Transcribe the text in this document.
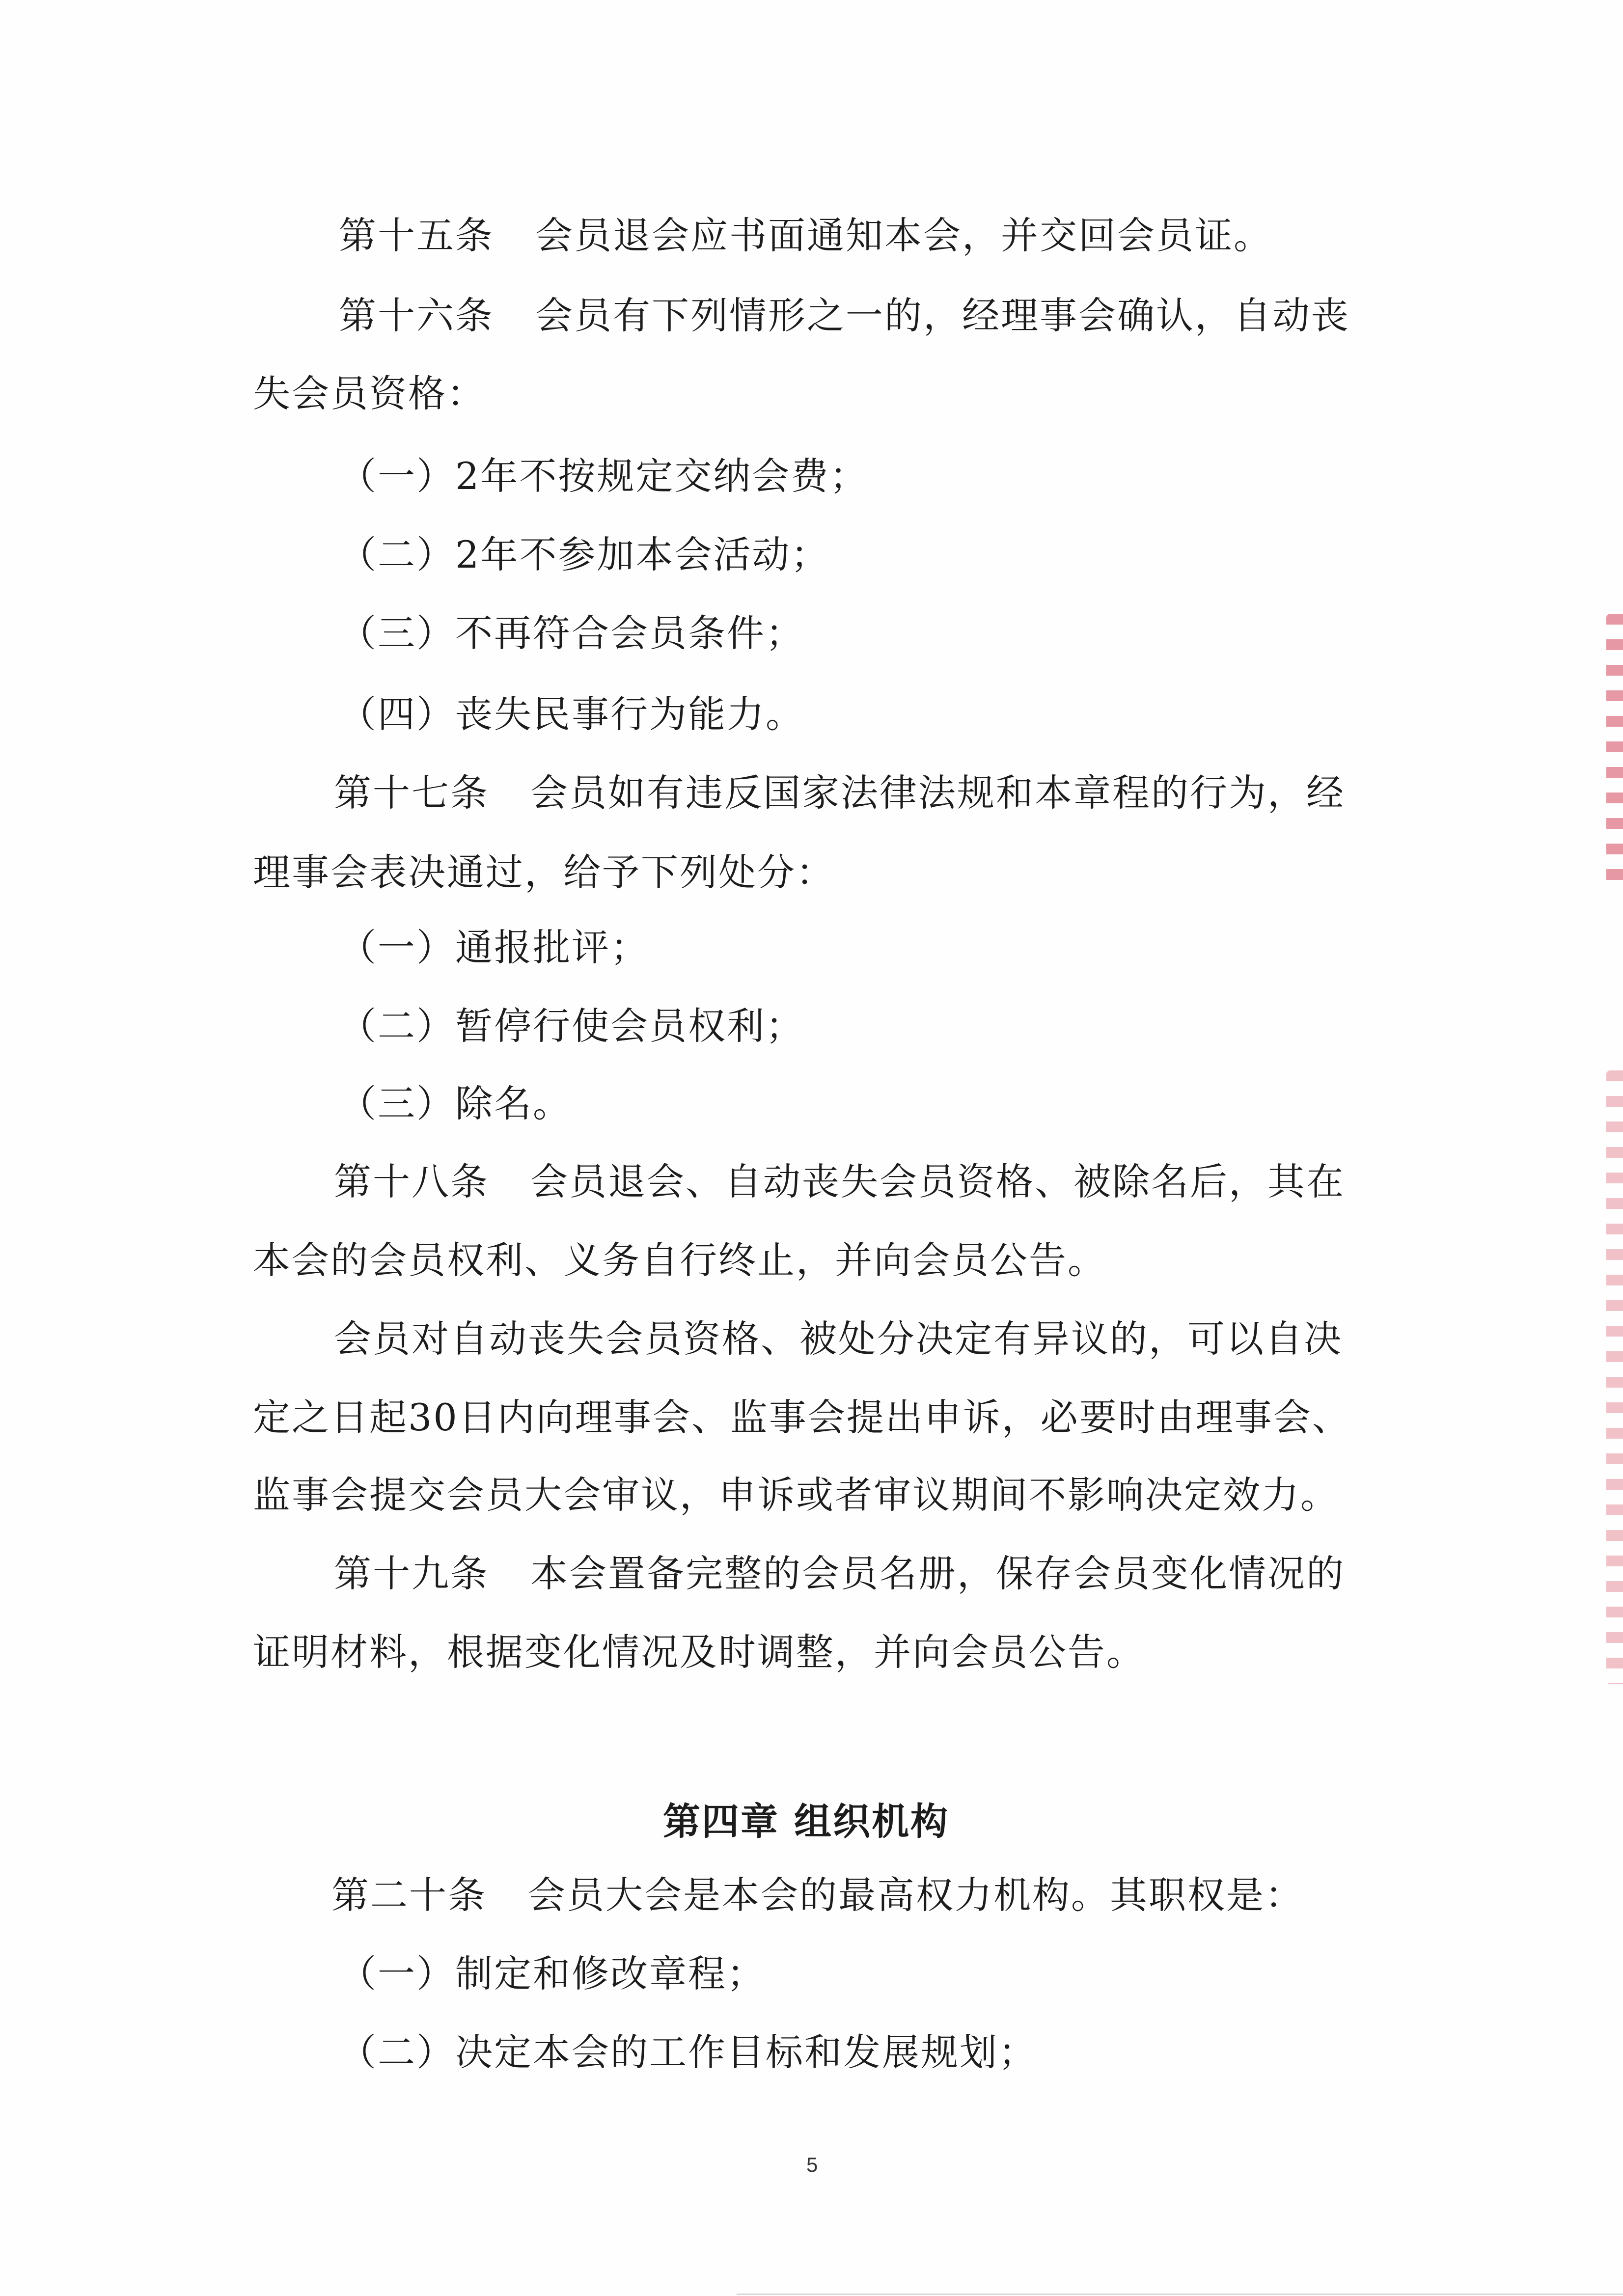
第十五条 会员退会应书面通知本会，并交回会员证。
第十六条 会员有下列情形之一的，经理事会确认，自动丧
失会员资格：
（一）2年不按规定交纳会费；
（二）2年不参加本会活动；
（三）不再符合会员条件；
（四）丧失民事行为能力。
第十七条 会员如有违反国家法律法规和本章程的行为，经
理事会表决通过，给予下列处分：
（一）通报批评；
（二）暂停行使会员权利；
（三）除名。
第十八条 会员退会、自动丧失会员资格、被除名后，其在
本会的会员权利、义务自行终止，并向会员公告。
会员对自动丧失会员资格、被处分决定有异议的，可以自决
定之日起30日内向理事会、监事会提出申诉，必要时由理事会、
监事会提交会员大会审议，申诉或者审议期间不影响决定效力。
第十九条 本会置备完整的会员名册，保存会员变化情况的
证明材料，根据变化情况及时调整，并向会员公告。
第四章 组织机构
第二十条 会员大会是本会的最高权力机构。其职权是：
（一）制定和修改章程；
（二）决定本会的工作目标和发展规划；
5
